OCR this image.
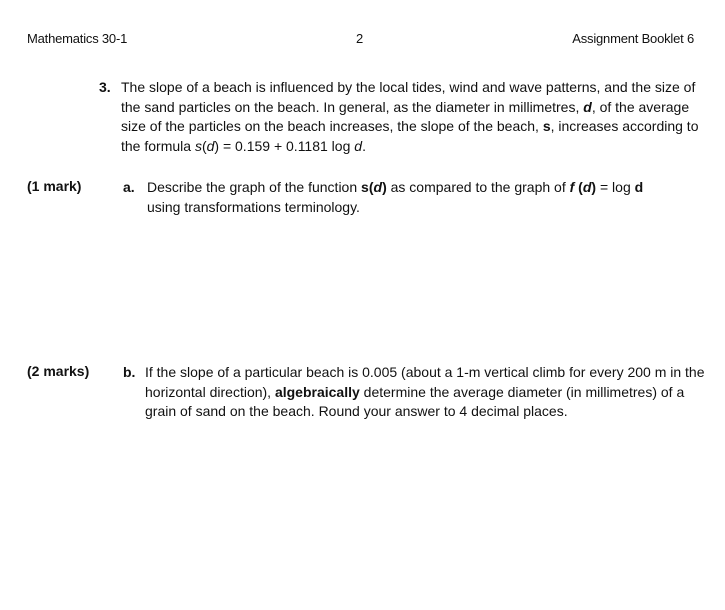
Mathematics 30-1	2	Assignment Booklet 6
3. The slope of a beach is influenced by the local tides, wind and wave patterns, and the size of the sand particles on the beach. In general, as the diameter in millimetres, d, of the average size of the particles on the beach increases, the slope of the beach, s, increases according to the formula s(d) = 0.159 + 0.1181 log d.
(1 mark)	a. Describe the graph of the function s(d) as compared to the graph of f (d) = log d
using transformations terminology.
(2 marks) b. If the slope of a particular beach is 0.005 (about a 1-m vertical climb for every 200 m in the horizontal direction), algebraically determine the average diameter (in millimetres) of a grain of sand on the beach. Round your answer to 4 decimal places.
